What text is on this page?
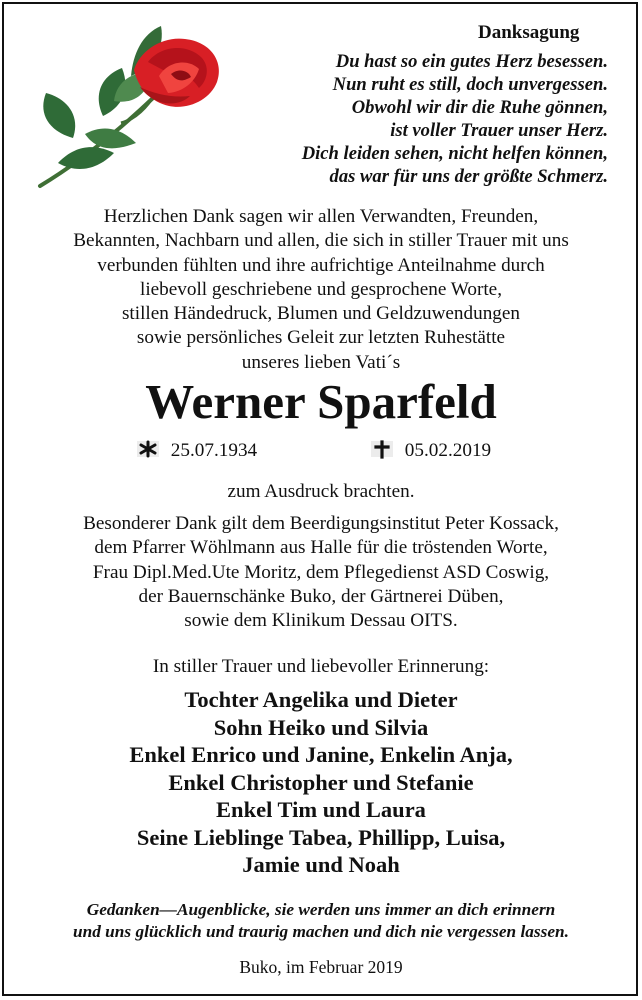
Danksagung
Du hast so ein gutes Herz besessen.
Nun ruht es still, doch unvergessen.
Obwohl wir dir die Ruhe gönnen,
ist voller Trauer unser Herz.
Dich leiden sehen, nicht helfen können,
das war für uns der größte Schmerz.
Herzlichen Dank sagen wir allen Verwandten, Freunden,
Bekannten, Nachbarn und allen, die sich in stiller Trauer mit uns
verbunden fühlten und ihre aufrichtige Anteilnahme durch
liebevoll geschriebene und gesprochene Worte,
stillen Händedruck, Blumen und Geldzuwendungen
sowie persönliches Geleit zur letzten Ruhestätte
unseres lieben Vati´s
Werner Sparfeld
25.07.1934	05.02.2019
zum Ausdruck brachten.
Besonderer Dank gilt dem Beerdigungsinstitut Peter Kossack,
dem Pfarrer Wöhlmann aus Halle für die tröstenden Worte,
Frau Dipl.Med.Ute Moritz, dem Pflegedienst ASD Coswig,
der Bauernschänke Buko, der Gärtnerei Düben,
sowie dem Klinikum Dessau OITS.
In stiller Trauer und liebevoller Erinnerung:
Tochter Angelika und Dieter
Sohn Heiko und Silvia
Enkel Enrico und Janine, Enkelin Anja,
Enkel Christopher und Stefanie
Enkel Tim und Laura
Seine Lieblinge Tabea, Phillipp, Luisa,
Jamie und Noah
Gedanken—Augenblicke, sie werden uns immer an dich erinnern
und uns glücklich und traurig machen und dich nie vergessen lassen.
Buko, im Februar 2019
